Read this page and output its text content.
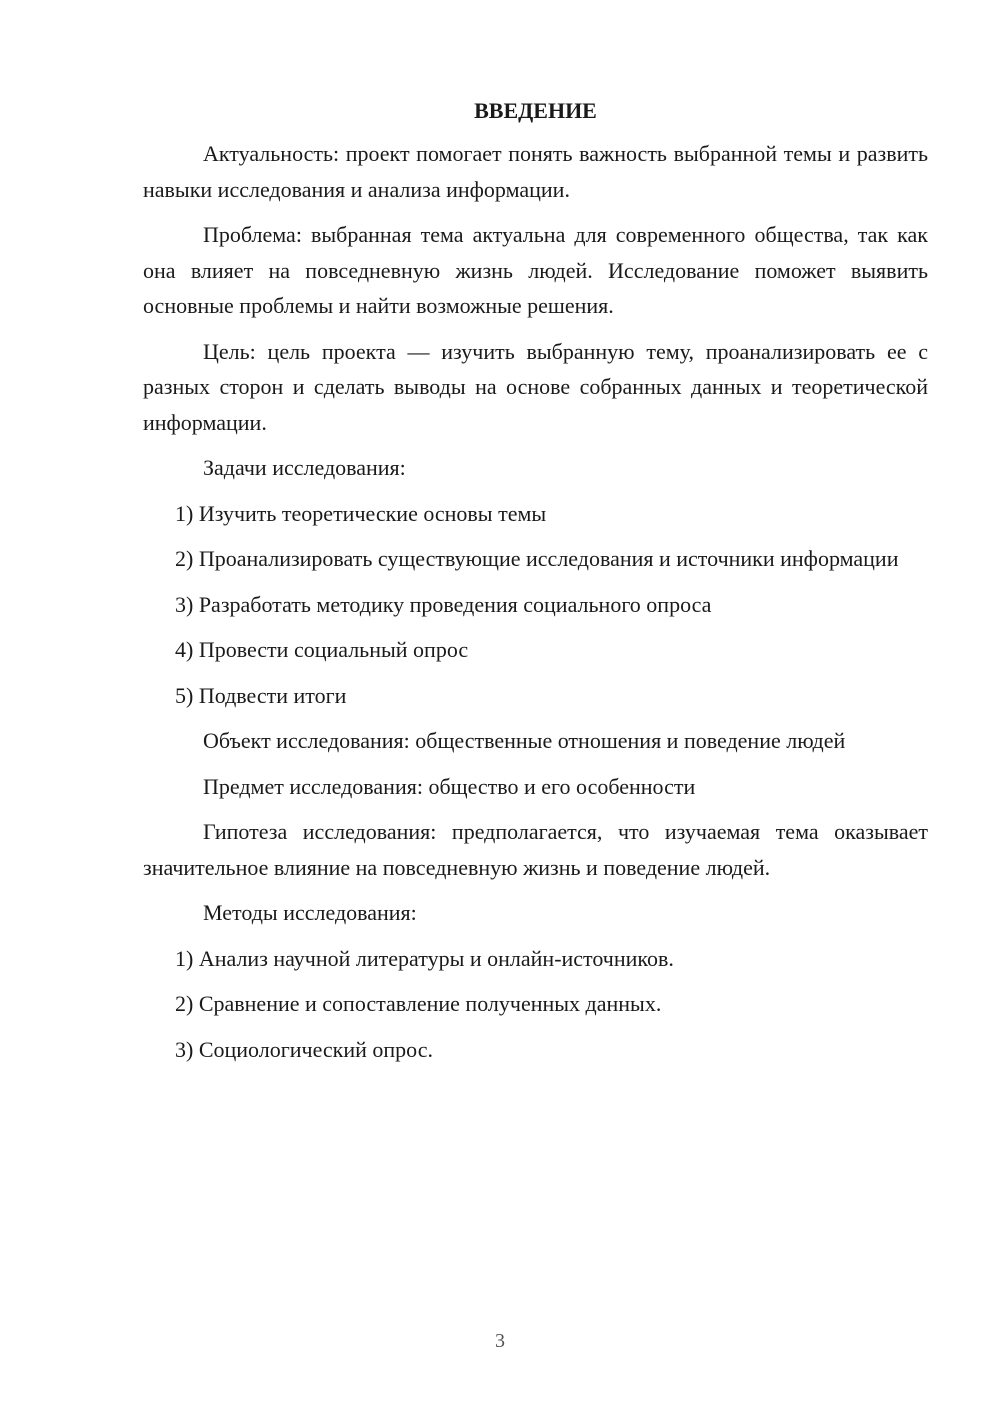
ВВЕДЕНИЕ

Актуальность: проект помогает понять важность выбранной темы и развить навыки исследования и анализа информации.

Проблема: выбранная тема актуальна для современного общества, так как она влияет на повседневную жизнь людей. Исследование поможет выявить основные проблемы и найти возможные решения.

Цель: цель проекта — изучить выбранную тему, проанализировать ее с разных сторон и сделать выводы на основе собранных данных и теоретической информации.

Задачи исследования:

1) Изучить теоретические основы темы

2) Проанализировать существующие исследования и источники информации

3) Разработать методику проведения социального опроса

4) Провести социальный опрос

5) Подвести итоги

Объект исследования: общественные отношения и поведение людей

Предмет исследования: общество и его особенности

Гипотеза исследования: предполагается, что изучаемая тема оказывает значительное влияние на повседневную жизнь и поведение людей.

Методы исследования:

1) Анализ научной литературы и онлайн-источников.

2) Сравнение и сопоставление полученных данных.

3) Социологический опрос.

3
